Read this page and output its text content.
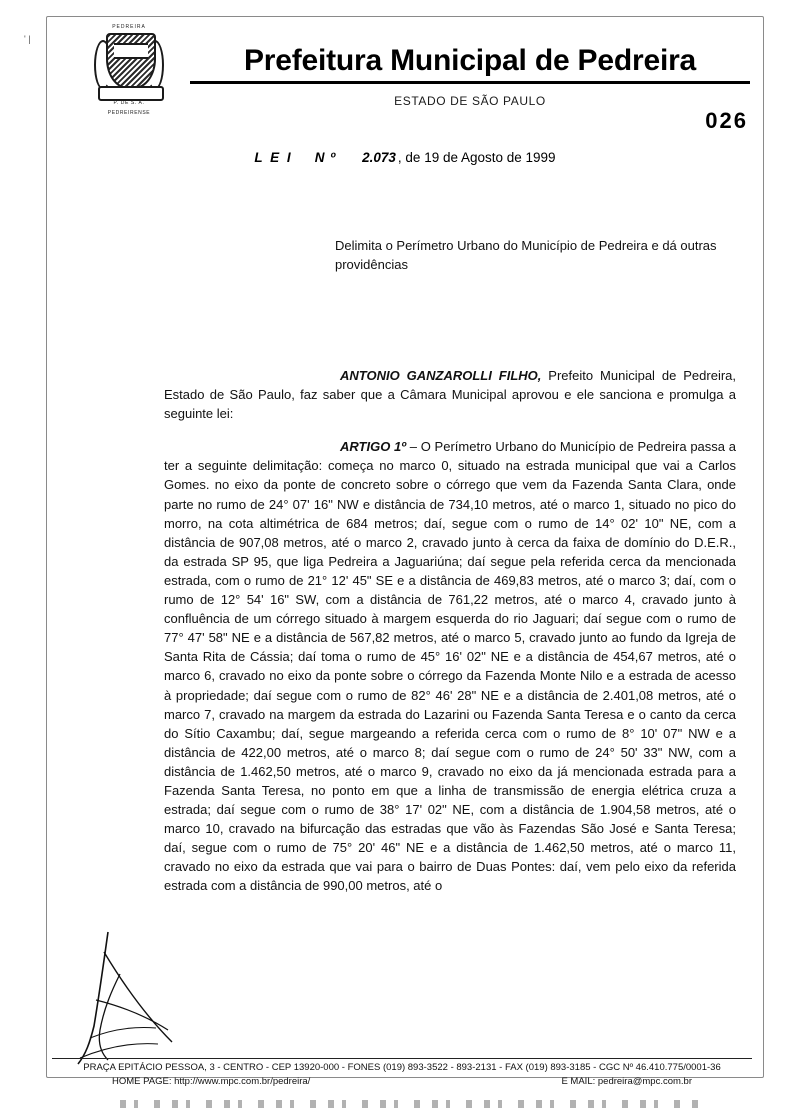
' |
PEDREIRA
P. DE S. A.
PEDREIRENSE
Prefeitura Municipal de Pedreira
ESTADO DE SÃO PAULO
026
L E I N º 2.073 , de 19 de Agosto de 1999
Delimita o Perímetro Urbano do Município de Pedreira e dá outras providências

ANTONIO GANZAROLLI FILHO, Prefeito Municipal de Pedreira, Estado de São Paulo, faz saber que a Câmara Municipal aprovou e ele sanciona e promulga a seguinte lei:

ARTIGO 1º – O Perímetro Urbano do Município de Pedreira passa a ter a seguinte delimitação: começa no marco 0, situado na estrada municipal que vai a Carlos Gomes. no eixo da ponte de concreto sobre o córrego que vem da Fazenda Santa Clara, onde parte no rumo de 24° 07' 16" NW e distância de 734,10 metros, até o marco 1, situado no pico do morro, na cota altimétrica de 684 metros; daí, segue com o rumo de 14° 02' 10" NE, com a distância de 907,08 metros, até o marco 2, cravado junto à cerca da faixa de domínio do D.E.R., da estrada SP 95, que liga Pedreira a Jaguariúna; daí segue pela referida cerca da mencionada estrada, com o rumo de 21° 12' 45" SE e a distância de 469,83 metros, até o marco 3; daí, com o rumo de 12° 54' 16" SW, com a distância de 761,22 metros, até o marco 4, cravado junto à confluência de um córrego situado à margem esquerda do rio Jaguari; daí segue com o rumo de 77° 47' 58" NE e a distância de 567,82 metros, até o marco 5, cravado junto ao fundo da Igreja de Santa Rita de Cássia; daí toma o rumo de 45° 16' 02" NE e a distância de 454,67 metros, até o marco 6, cravado no eixo da ponte sobre o córrego da Fazenda Monte Nilo e a estrada de acesso à propriedade; daí segue com o rumo de 82° 46' 28" NE e a distância de 2.401,08 metros, até o marco 7, cravado na margem da estrada do Lazarini ou Fazenda Santa Teresa e o canto da cerca do Sítio Caxambu; daí, segue margeando a referida cerca com o rumo de 8° 10' 07" NW e a distância de 422,00 metros, até o marco 8; daí segue com o rumo de 24° 50' 33" NW, com a distância de 1.462,50 metros, até o marco 9, cravado no eixo da já mencionada estrada para a Fazenda Santa Teresa, no ponto em que a linha de transmissão de energia elétrica cruza a estrada; daí segue com o rumo de 38° 17' 02" NE, com a distância de 1.904,58 metros, até o marco 10, cravado na bifurcação das estradas que vão às Fazendas São José e Santa Teresa; daí, segue com o rumo de 75° 20' 46" NE e a distância de 1.462,50 metros, até o marco 11, cravado no eixo da estrada que vai para o bairro de Duas Pontes: daí, vem pelo eixo da referida estrada com a distância de 990,00 metros, até o

PRAÇA EPITÁCIO PESSOA, 3 - CENTRO - CEP 13920-000 - FONES (019) 893-3522 - 893-2131 - FAX (019) 893-3185 - CGC Nº 46.410.775/0001-36
HOME PAGE: http://www.mpc.com.br/pedreira/	E MAIL: pedreira@mpc.com.br
